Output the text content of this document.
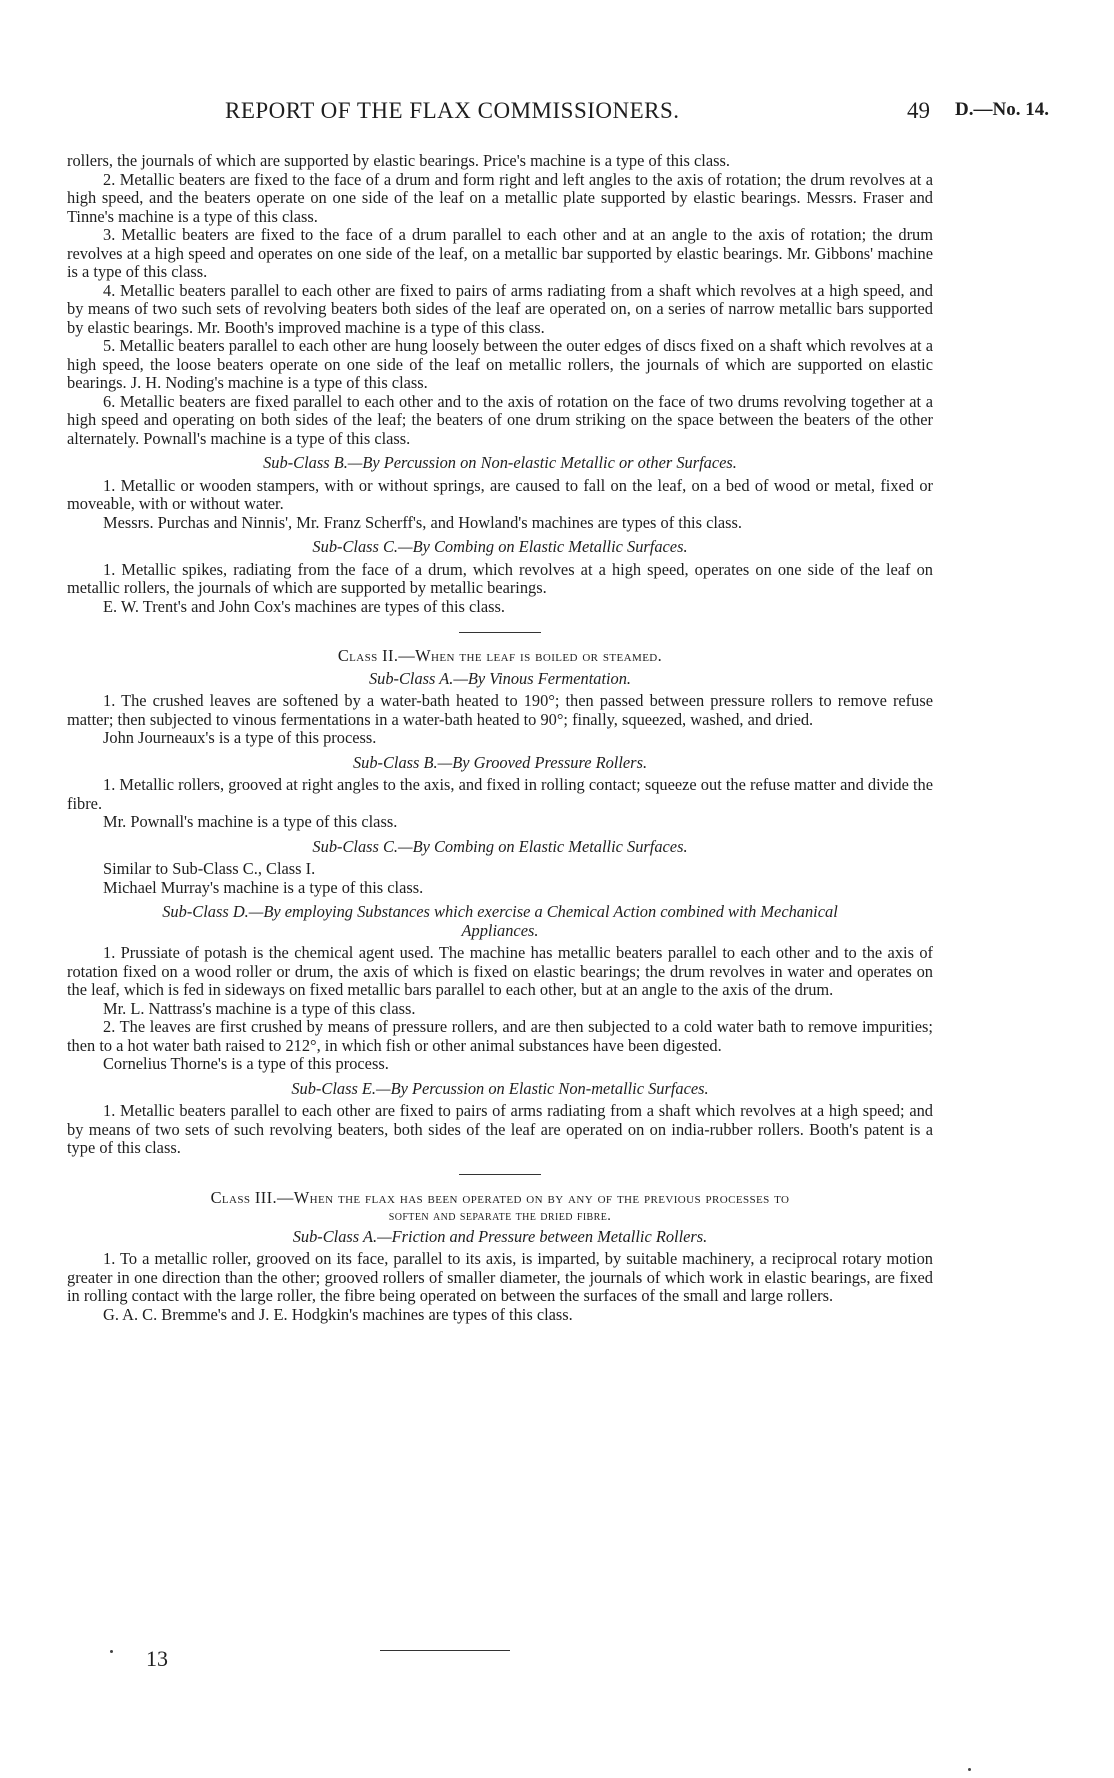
REPORT OF THE FLAX COMMISSIONERS.	49 D.—No. 14.

rollers, the journals of which are supported by elastic bearings. Price's machine is a type of this class.

2. Metallic beaters are fixed to the face of a drum and form right and left angles to the axis of rotation; the drum revolves at a high speed, and the beaters operate on one side of the leaf on a metallic plate supported by elastic bearings. Messrs. Fraser and Tinne's machine is a type of this class.

3. Metallic beaters are fixed to the face of a drum parallel to each other and at an angle to the axis of rotation; the drum revolves at a high speed and operates on one side of the leaf, on a metallic bar supported by elastic bearings. Mr. Gibbons' machine is a type of this class.

4. Metallic beaters parallel to each other are fixed to pairs of arms radiating from a shaft which revolves at a high speed, and by means of two such sets of revolving beaters both sides of the leaf are operated on, on a series of narrow metallic bars supported by elastic bearings. Mr. Booth's improved machine is a type of this class.

5. Metallic beaters parallel to each other are hung loosely between the outer edges of discs fixed on a shaft which revolves at a high speed, the loose beaters operate on one side of the leaf on metallic rollers, the journals of which are supported on elastic bearings. J. H. Noding's machine is a type of this class.

6. Metallic beaters are fixed parallel to each other and to the axis of rotation on the face of two drums revolving together at a high speed and operating on both sides of the leaf; the beaters of one drum striking on the space between the beaters of the other alternately. Pownall's machine is a type of this class.

Sub-Class B.—By Percussion on Non-elastic Metallic or other Surfaces.

1. Metallic or wooden stampers, with or without springs, are caused to fall on the leaf, on a bed of wood or metal, fixed or moveable, with or without water.

Messrs. Purchas and Ninnis', Mr. Franz Scherff's, and Howland's machines are types of this class.

Sub-Class C.—By Combing on Elastic Metallic Surfaces.

1. Metallic spikes, radiating from the face of a drum, which revolves at a high speed, operates on one side of the leaf on metallic rollers, the journals of which are supported by metallic bearings.

E. W. Trent's and John Cox's machines are types of this class.

Class II.—When the leaf is boiled or steamed.

Sub-Class A.—By Vinous Fermentation.

1. The crushed leaves are softened by a water-bath heated to 190°; then passed between pressure rollers to remove refuse matter; then subjected to vinous fermentations in a water-bath heated to 90°; finally, squeezed, washed, and dried.

John Journeaux's is a type of this process.

Sub-Class B.—By Grooved Pressure Rollers.

1. Metallic rollers, grooved at right angles to the axis, and fixed in rolling contact; squeeze out the refuse matter and divide the fibre.

Mr. Pownall's machine is a type of this class.

Sub-Class C.—By Combing on Elastic Metallic Surfaces.

Similar to Sub-Class C., Class I.

Michael Murray's machine is a type of this class.

Sub-Class D.—By employing Substances which exercise a Chemical Action combined with Mechanical Appliances.

1. Prussiate of potash is the chemical agent used. The machine has metallic beaters parallel to each other and to the axis of rotation fixed on a wood roller or drum, the axis of which is fixed on elastic bearings; the drum revolves in water and operates on the leaf, which is fed in sideways on fixed metallic bars parallel to each other, but at an angle to the axis of the drum.

Mr. L. Nattrass's machine is a type of this class.

2. The leaves are first crushed by means of pressure rollers, and are then subjected to a cold water bath to remove impurities; then to a hot water bath raised to 212°, in which fish or other animal substances have been digested.

Cornelius Thorne's is a type of this process.

Sub-Class E.—By Percussion on Elastic Non-metallic Surfaces.

1. Metallic beaters parallel to each other are fixed to pairs of arms radiating from a shaft which revolves at a high speed; and by means of two sets of such revolving beaters, both sides of the leaf are operated on on india-rubber rollers. Booth's patent is a type of this class.

Class III.—When the flax has been operated on by any of the previous processes to

soften and separate the dried fibre.

Sub-Class A.—Friction and Pressure between Metallic Rollers.

1. To a metallic roller, grooved on its face, parallel to its axis, is imparted, by suitable machinery, a reciprocal rotary motion greater in one direction than the other; grooved rollers of smaller diameter, the journals of which work in elastic bearings, are fixed in rolling contact with the large roller, the fibre being operated on between the surfaces of the small and large rollers.

G. A. C. Bremme's and J. E. Hodgkin's machines are types of this class.

13
